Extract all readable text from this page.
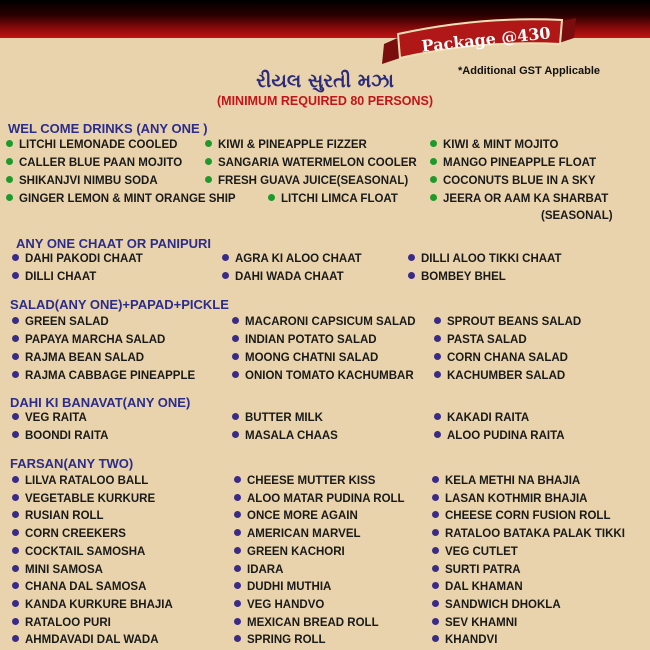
Package @430
*Additional GST Applicable
રીયલ સુરતી મઝા
(MINIMUM REQUIRED 80 PERSONS)
WEL COME DRINKS (ANY ONE )
LITCHI LEMONADE COOLED	KIWI & PINEAPPLE FIZZER	KIWI & MINT MOJITO
CALLER BLUE PAAN MOJITO	SANGARIA WATERMELON COOLER	MANGO PINEAPPLE FLOAT
SHIKANJVI NIMBU SODA	FRESH GUAVA JUICE(SEASONAL)	COCONUTS BLUE IN A SKY
GINGER LEMON & MINT ORANGE SHIP	LITCHI LIMCA FLOAT	JEERA OR AAM KA SHARBAT
(SEASONAL)
ANY ONE CHAAT OR PANIPURI
DAHI PAKODI CHAAT	AGRA KI ALOO CHAAT	DILLI ALOO TIKKI CHAAT
DILLI CHAAT	DAHI WADA CHAAT	BOMBEY BHEL
SALAD(ANY ONE)+PAPAD+PICKLE
GREEN SALAD	MACARONI CAPSICUM SALAD	SPROUT BEANS SALAD
PAPAYA MARCHA SALAD	INDIAN POTATO SALAD	PASTA SALAD
RAJMA BEAN SALAD	MOONG CHATNI SALAD	CORN CHANA SALAD
RAJMA CABBAGE PINEAPPLE	ONION TOMATO KACHUMBAR	KACHUMBER SALAD
DAHI KI BANAVAT(ANY ONE)
VEG RAITA	BUTTER MILK	KAKADI RAITA
BOONDI RAITA	MASALA CHAAS	ALOO PUDINA RAITA
FARSAN(ANY TWO)
LILVA RATALOO BALL	CHEESE MUTTER KISS	KELA METHI NA BHAJIA
VEGETABLE KURKURE	ALOO MATAR PUDINA ROLL	LASAN KOTHMIR BHAJIA
RUSIAN ROLL	ONCE MORE AGAIN	CHEESE CORN FUSION ROLL
CORN CREEKERS	AMERICAN MARVEL	RATALOO BATAKA PALAK TIKKI
COCKTAIL SAMOSHA	GREEN KACHORI	VEG CUTLET
MINI SAMOSA	IDARA	SURTI PATRA
CHANA DAL SAMOSA	DUDHI MUTHIA	DAL KHAMAN
KANDA KURKURE BHAJIA	VEG HANDVO	SANDWICH DHOKLA
RATALOO PURI	MEXICAN BREAD ROLL	SEV KHAMNI
AHMDAVADI DAL WADA	SPRING ROLL	KHANDVI
